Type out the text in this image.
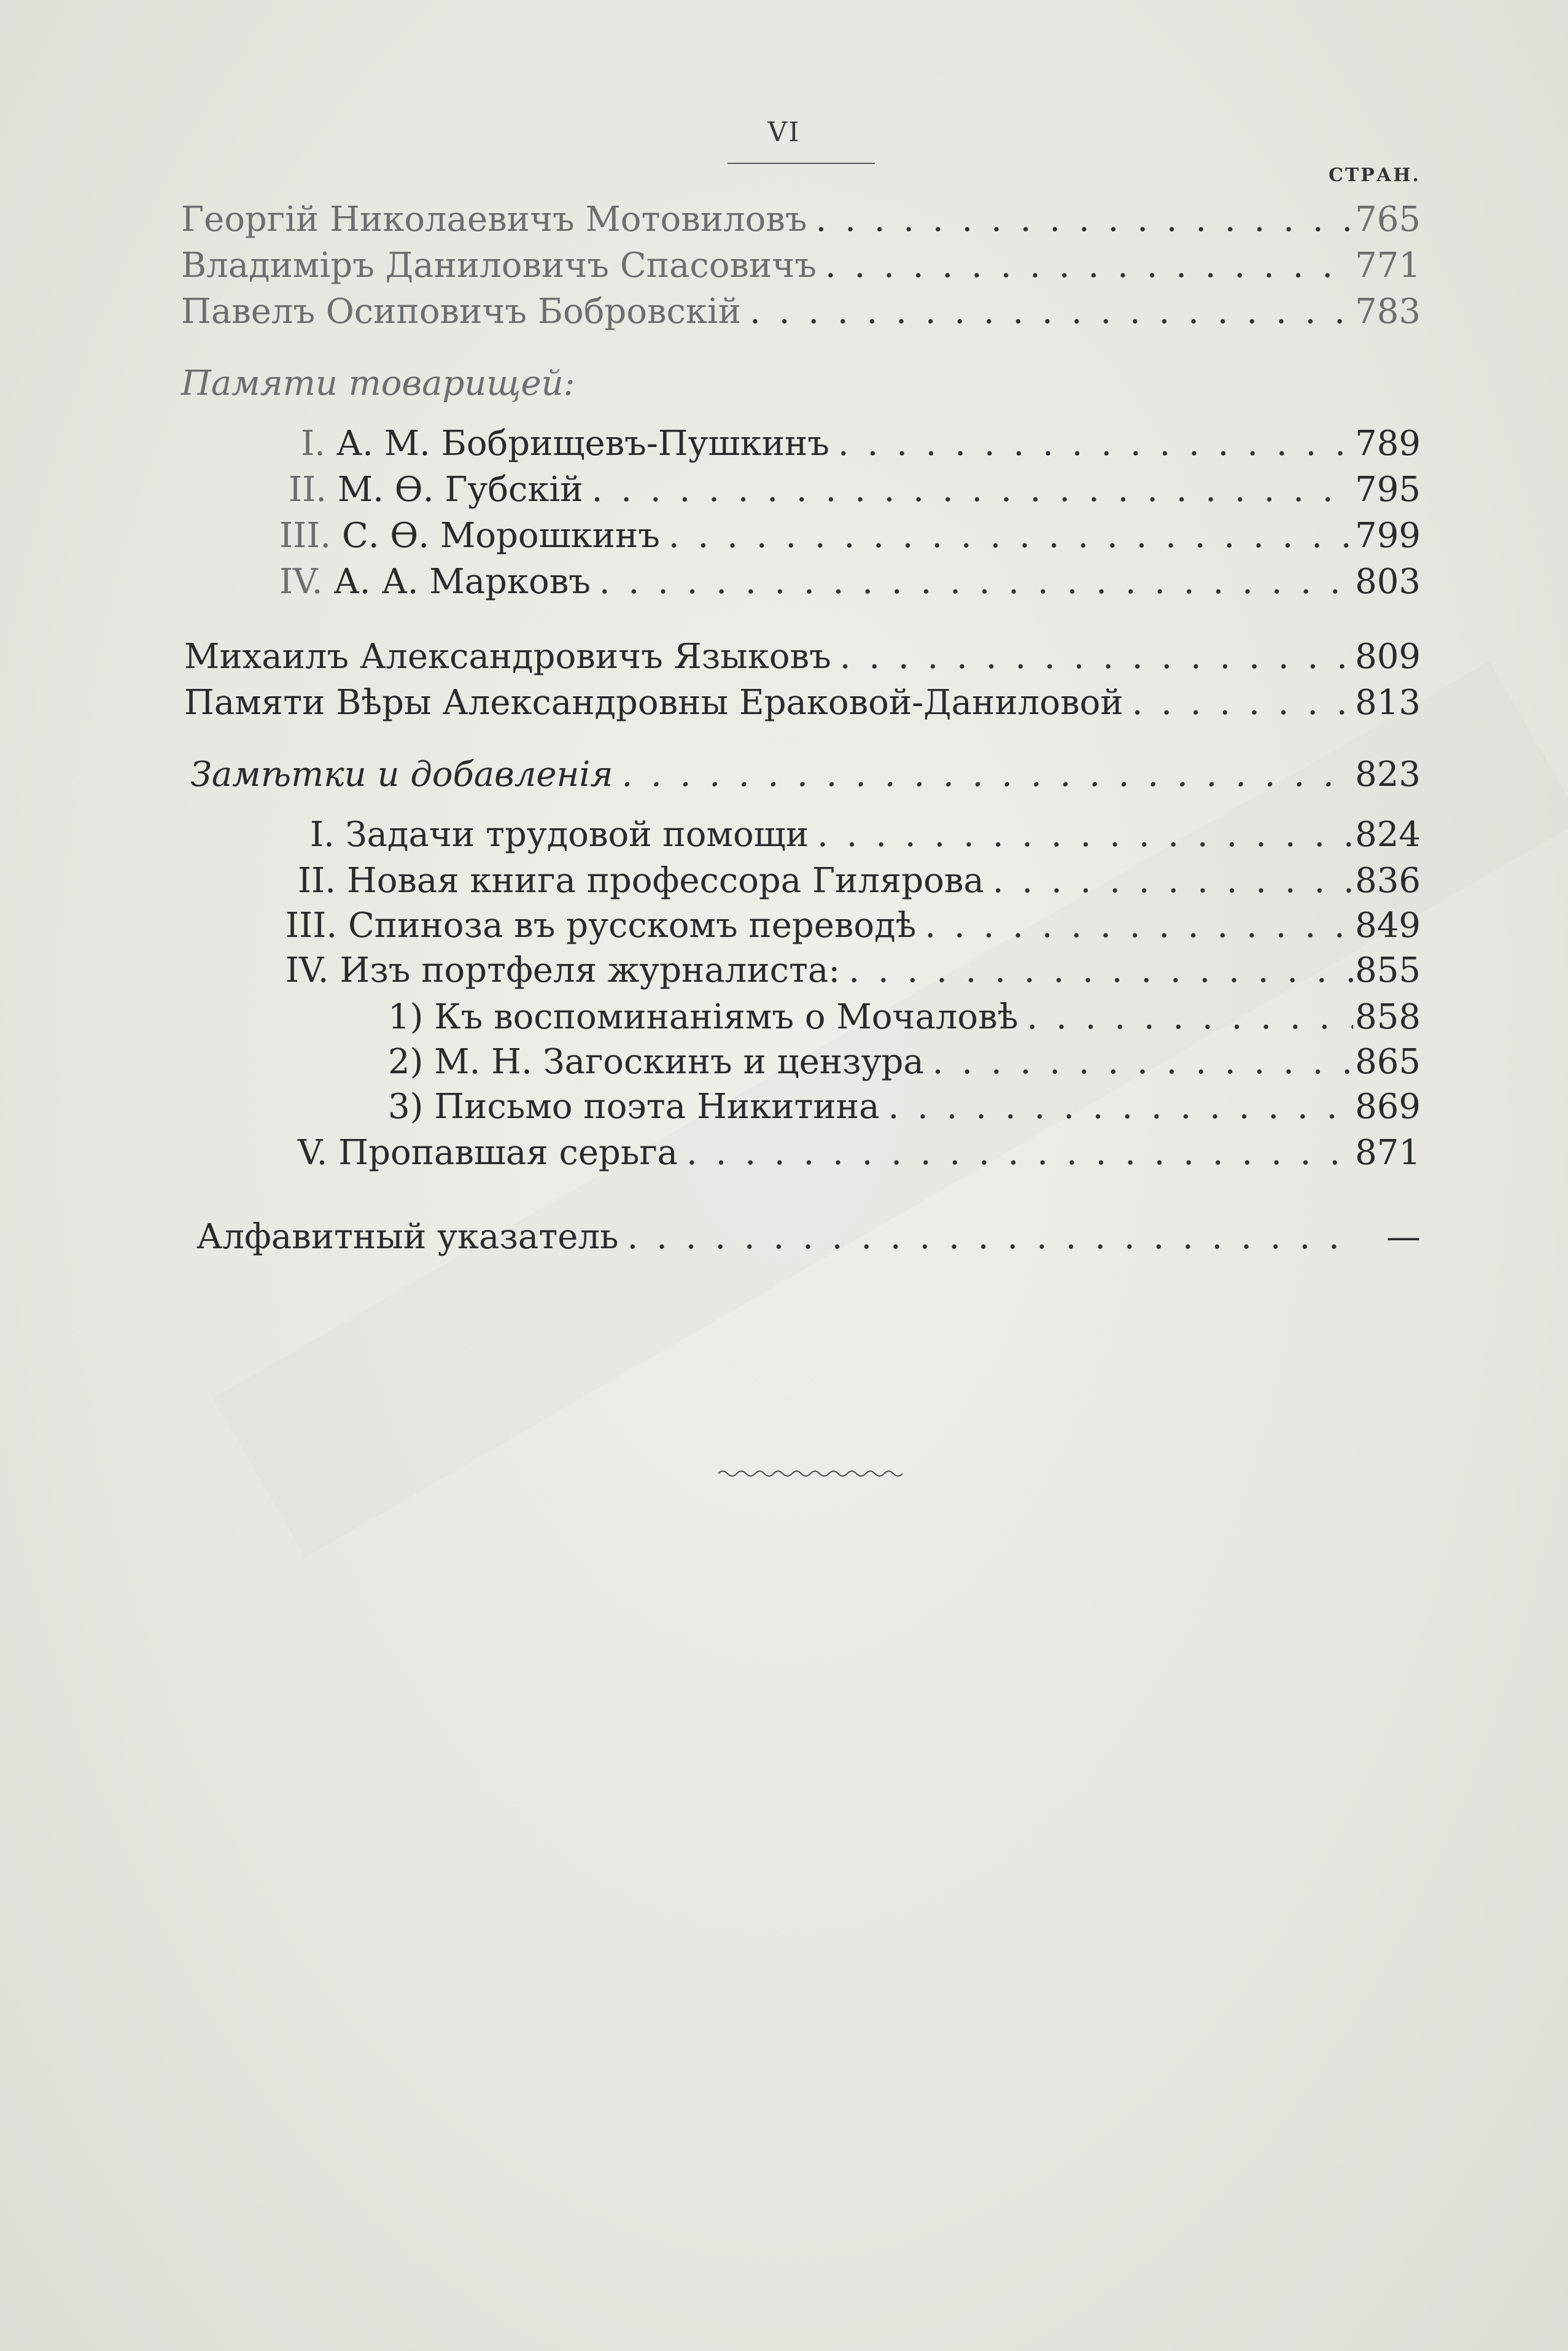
VI
СТРАН.
Георгій Николаевичъ Мотовиловъ . .	765
Владиміръ Даниловичъ Спасовичъ . .	771
Павелъ Осиповичъ Бобровскій . .	783
Памяти товарищей:
I. А. М. Бобрищевъ-Пушкинъ . .	789
II. М. Ѳ. Губскій . .	795
III. С. Ѳ. Морошкинъ . .	799
IV. А. А. Марковъ . .	803
Михаилъ Александровичъ Языковъ . .	809
Памяти Вѣры Александровны Ераковой-Даниловой . .	813
Замѣтки и добавленія . .	823
I. Задачи трудовой помощи . .	824
II. Новая книга профессора Гилярова . .	836
III. Спиноза въ русскомъ переводѣ . .	849
IV. Изъ портфеля журналиста: . .	855
1) Къ воспоминаніямъ о Мочаловѣ . .	858
2) М. Н. Загоскинъ и цензура . .	865
3) Письмо поэта Никитина . .	869
V. Пропавшая серьга . .	871
Алфавитный указатель . .	—
